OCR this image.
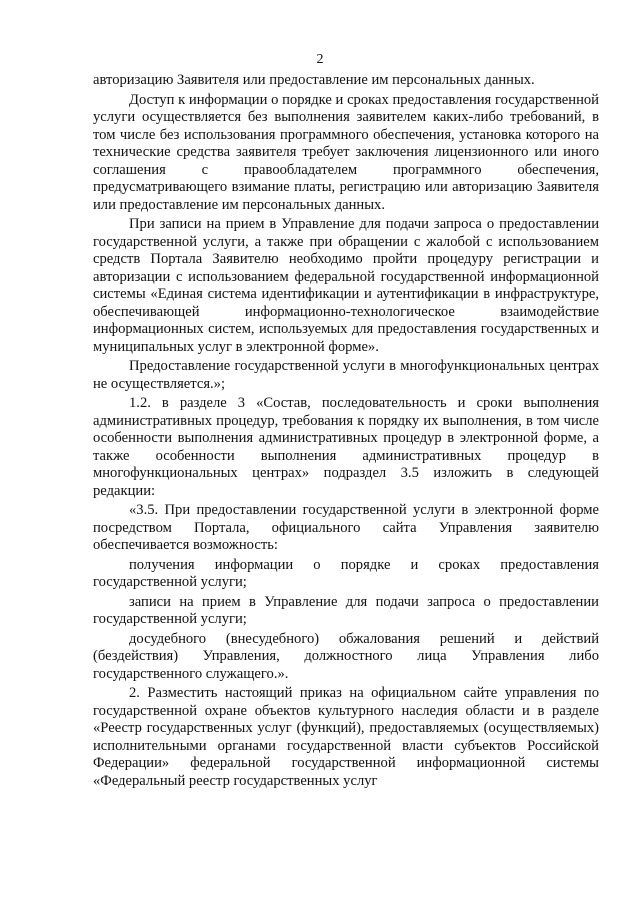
2

авторизацию Заявителя или предоставление им персональных данных.

Доступ к информации о порядке и сроках предоставления государственной услуги осуществляется без выполнения заявителем каких-либо требований, в том числе без использования программного обеспечения, установка которого на технические средства заявителя требует заключения лицензионного или иного соглашения с правообладателем программного обеспечения, предусматривающего взимание платы, регистрацию или авторизацию Заявителя или предоставление им персональных данных.

При записи на прием в Управление для подачи запроса о предоставлении государственной услуги, а также при обращении с жалобой с использованием средств Портала Заявителю необходимо пройти процедуру регистрации и авторизации с использованием федеральной государственной информационной системы «Единая система идентификации и аутентификации в инфраструктуре, обеспечивающей информационно-технологическое взаимодействие информационных систем, используемых для предоставления государственных и муниципальных услуг в электронной форме».

Предоставление государственной услуги в многофункциональных центрах не осуществляется.»;

1.2. в разделе 3 «Состав, последовательность и сроки выполнения административных процедур, требования к порядку их выполнения, в том числе особенности выполнения административных процедур в электронной форме, а также особенности выполнения административных процедур в многофункциональных центрах» подраздел 3.5 изложить в следующей редакции:

«3.5. При предоставлении государственной услуги в электронной форме посредством Портала, официального сайта Управления заявителю обеспечивается возможность:

получения информации о порядке и сроках предоставления государственной услуги;

записи на прием в Управление для подачи запроса о предоставлении государственной услуги;

досудебного (внесудебного) обжалования решений и действий (бездействия) Управления, должностного лица Управления либо государственного служащего.».

2. Разместить настоящий приказ на официальном сайте управления по государственной охране объектов культурного наследия области и в разделе «Реестр государственных услуг (функций), предоставляемых (осуществляемых) исполнительными органами государственной власти субъектов Российской Федерации» федеральной государственной информационной системы «Федеральный реестр государственных услуг
